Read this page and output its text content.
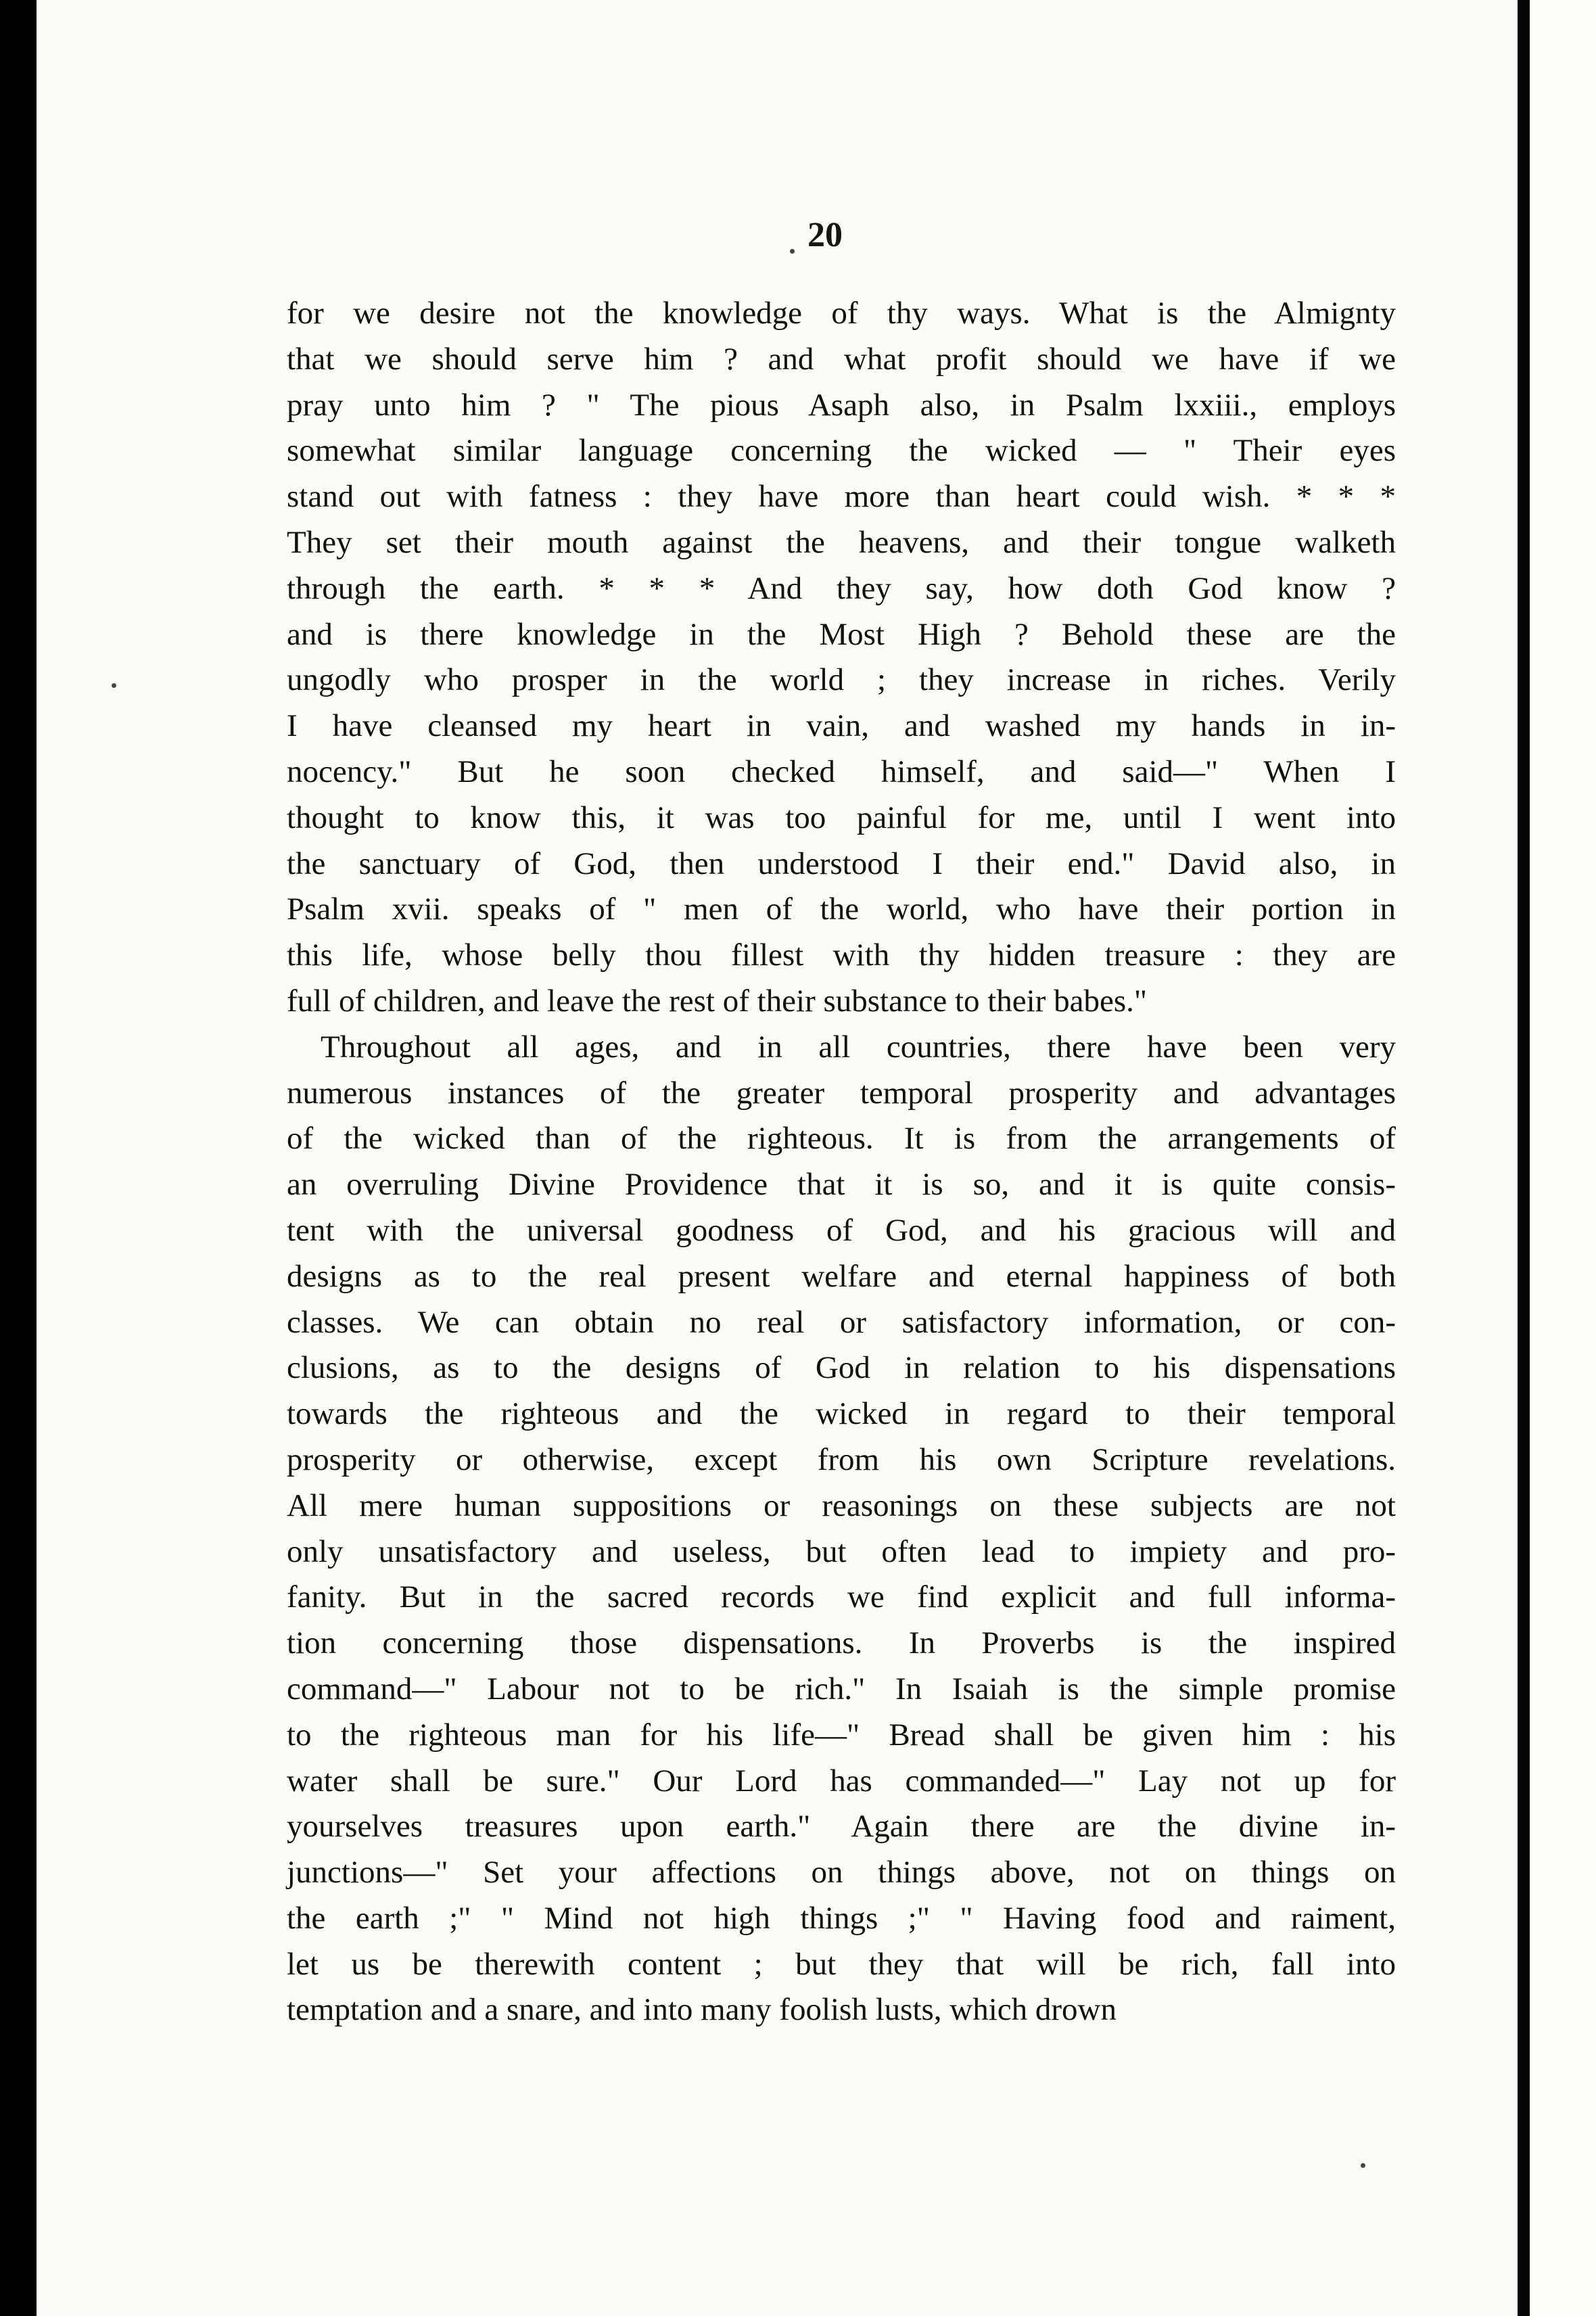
20
for we desire not the knowledge of thy ways. What is the Almignty
that we should serve him ? and what profit should we have if we
pray unto him ? " The pious Asaph also, in Psalm lxxiii., employs
somewhat similar language concerning the wicked — " Their eyes
stand out with fatness : they have more than heart could wish. * * *
They set their mouth against the heavens, and their tongue walketh
through the earth. * * * And they say, how doth God know ?
and is there knowledge in the Most High ? Behold these are the
ungodly who prosper in the world ; they increase in riches. Verily
I have cleansed my heart in vain, and washed my hands in in-
nocency." But he soon checked himself, and said—" When I
thought to know this, it was too painful for me, until I went into
the sanctuary of God, then understood I their end." David also, in
Psalm xvii. speaks of " men of the world, who have their portion in
this life, whose belly thou fillest with thy hidden treasure : they are
full of children, and leave the rest of their substance to their babes."
Throughout all ages, and in all countries, there have been very
numerous instances of the greater temporal prosperity and advantages
of the wicked than of the righteous. It is from the arrangements of
an overruling Divine Providence that it is so, and it is quite consis-
tent with the universal goodness of God, and his gracious will and
designs as to the real present welfare and eternal happiness of both
classes. We can obtain no real or satisfactory information, or con-
clusions, as to the designs of God in relation to his dispensations
towards the righteous and the wicked in regard to their temporal
prosperity or otherwise, except from his own Scripture revelations.
All mere human suppositions or reasonings on these subjects are not
only unsatisfactory and useless, but often lead to impiety and pro-
fanity. But in the sacred records we find explicit and full informa-
tion concerning those dispensations. In Proverbs is the inspired
command—" Labour not to be rich." In Isaiah is the simple promise
to the righteous man for his life—" Bread shall be given him : his
water shall be sure." Our Lord has commanded—" Lay not up for
yourselves treasures upon earth." Again there are the divine in-
junctions—" Set your affections on things above, not on things on
the earth ;" " Mind not high things ;" " Having food and raiment,
let us be therewith content ; but they that will be rich, fall into
temptation and a snare, and into many foolish lusts, which drown
